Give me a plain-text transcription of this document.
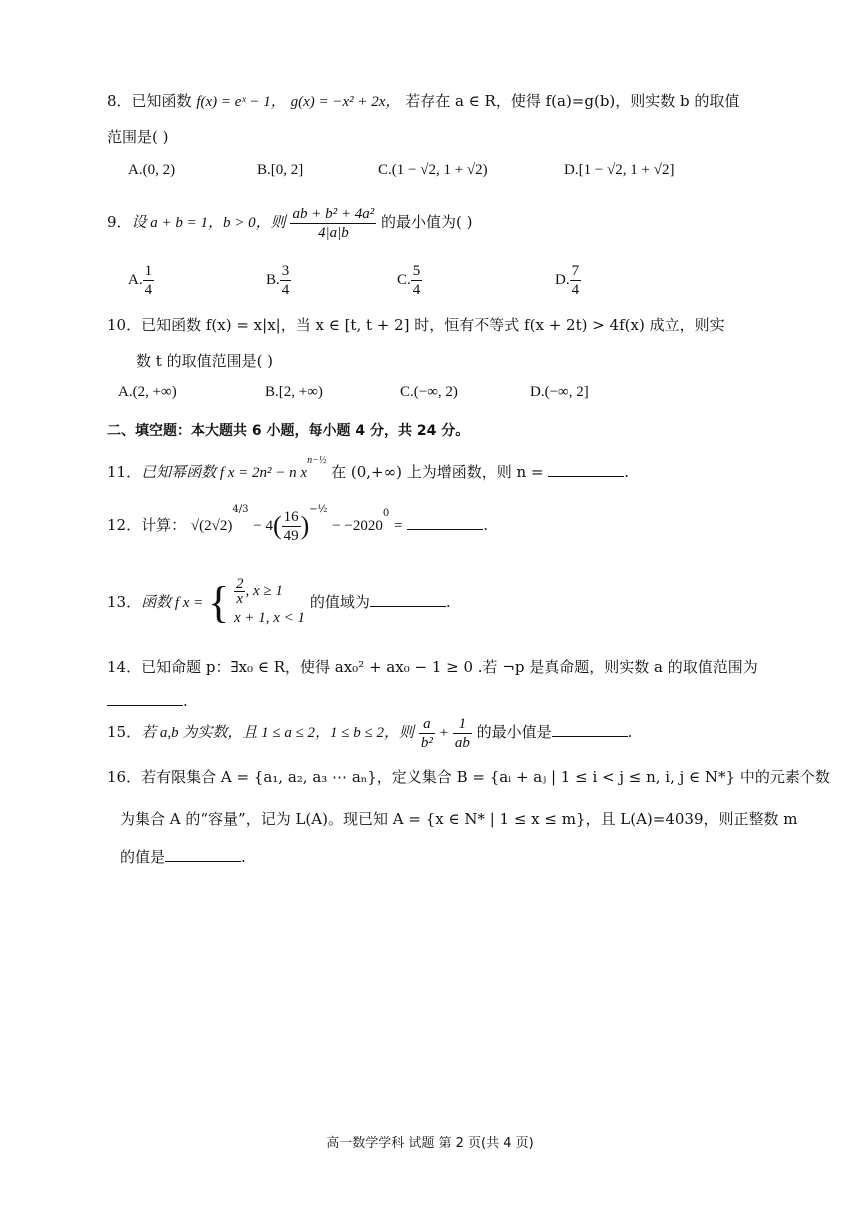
8．已知函数 f(x) = eˣ − 1， g(x) = −x² + 2x， 若存在 a ∈ R，使得 f(a)=g(b)，则实数 b 的取值
范围是( )
A.(0, 2)	B.[0, 2]	C.(1 − √2, 1 + √2)	D.[1 − √2, 1 + √2]
9．设 a + b = 1，b > 0，则 $\frac{\text{ab + b² + 4a²}}{4|a|b}$ 的最小值为( )
A. $\frac{1}{4}$	B. $\frac{3}{4}$	C. $\frac{5}{4}$	D. $\frac{7}{4}$
10．已知函数 f(x) = x|x|，当 x ∈ [t, t + 2] 时，恒有不等式 f(x + 2t) > 4f(x) 成立，则实
数 t 的取值范围是( )
A.(2, +∞)	B.[2, +∞)	C.(−∞, 2)	D.(−∞, 2]
二、填空题：本大题共 6 小题，每小题 4 分，共 24 分。
11．已知幂函数 f x = 2n² − n $x^{n-\frac{1}{2}}$ 在 (0,+∞) 上为增函数，则 n =	.
12．计算： $√(2√2)^{4/3} - 4( \frac{16}{49} )^{-\frac{1}{2}} - -2020^0$ =	.
13．函数 f x = { $\frac{2}{x}$ , x ≥ 1
x + 1, x < 1
的值域为	.
14．已知命题 p：∃x₀ ∈ R，使得 ax₀² + ax₀ − 1 ≥ 0 .若 ¬p 是真命题，则实数 a 的取值范围为
.
15．若 a,b 为实数，且 1 ≤ a ≤ 2，1 ≤ b ≤ 2，则 $\frac{a}{\text{b²}} + \frac{1}{ab}$ 的最小值是	.
16．若有限集合 A = {a₁, a₂, a₃ ⋯ aₙ}，定义集合 B = {aᵢ + aⱼ | 1 ≤ i < j ≤ n, i, j ∈ N*} 中的元素个数
为集合 A 的“容量”，记为 L(A)。现已知 A = {x ∈ N* | 1 ≤ x ≤ m}，且 L(A)=4039，则正整数 m
的值是	.
高一数学学科 试题 第 2 页(共 4 页)
